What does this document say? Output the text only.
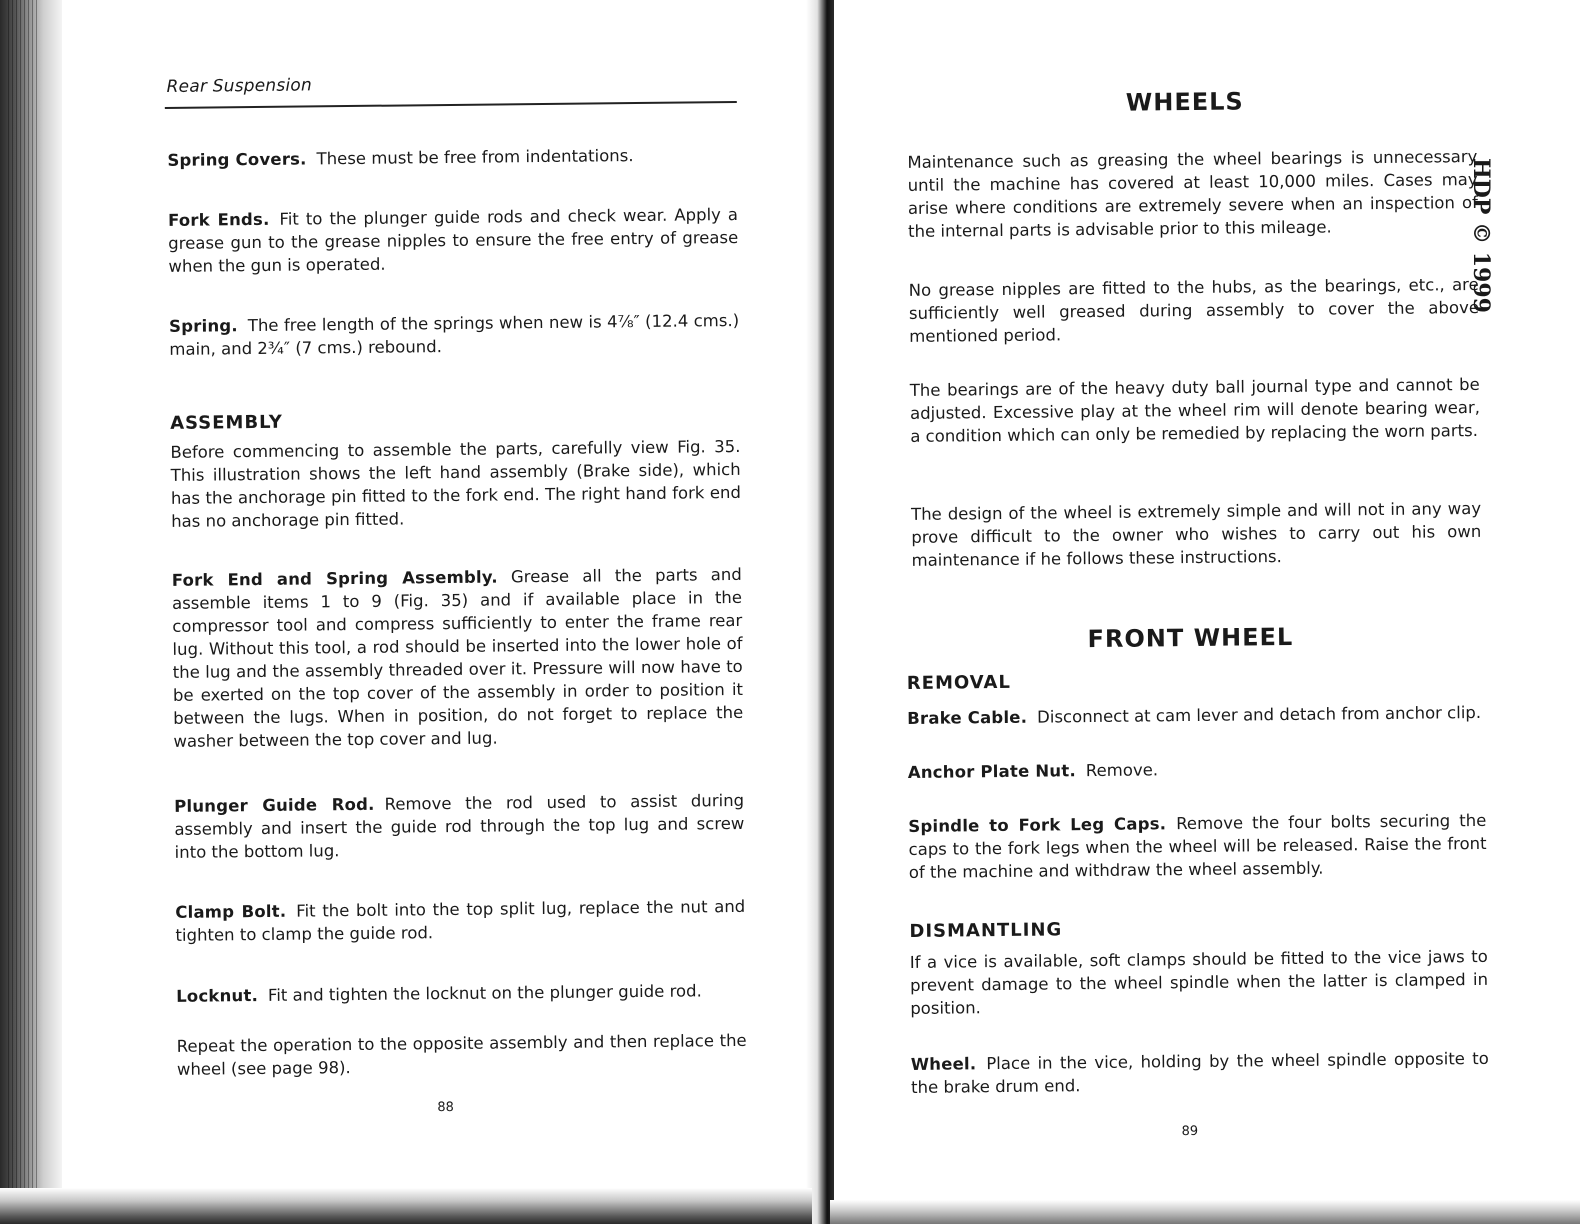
Rear Suspension
Spring Covers. These must be free from indentations.
Fork Ends. Fit to the plunger guide rods and check wear. Apply a grease gun to the grease nipples to ensure the free entry of grease when the gun is operated.
Spring. The free length of the springs when new is 4⅞″ (12.4 cms.) main, and 2¾″ (7 cms.) rebound.
ASSEMBLY
Before commencing to assemble the parts, carefully view Fig. 35. This illustration shows the left hand assembly (Brake side), which has the anchorage pin fitted to the fork end. The right hand fork end has no anchorage pin fitted.
Fork End and Spring Assembly. Grease all the parts and assemble items 1 to 9 (Fig. 35) and if available place in the compressor tool and compress sufficiently to enter the frame rear lug. Without this tool, a rod should be inserted into the lower hole of the lug and the assembly threaded over it. Pressure will now have to be exerted on the top cover of the assembly in order to position it between the lugs. When in position, do not forget to replace the washer between the top cover and lug.
Plunger Guide Rod. Remove the rod used to assist during assembly and insert the guide rod through the top lug and screw into the bottom lug.
Clamp Bolt. Fit the bolt into the top split lug, replace the nut and tighten to clamp the guide rod.
Locknut. Fit and tighten the locknut on the plunger guide rod.
Repeat the operation to the opposite assembly and then replace the wheel (see page 98).
88
WHEELS
Maintenance such as greasing the wheel bearings is unnecessary until the machine has covered at least 10,000 miles. Cases may arise where conditions are extremely severe when an inspection of the internal parts is advisable prior to this mileage.
No grease nipples are fitted to the hubs, as the bearings, etc., are sufficiently well greased during assembly to cover the above mentioned period.
The bearings are of the heavy duty ball journal type and cannot be adjusted. Excessive play at the wheel rim will denote bearing wear, a condition which can only be remedied by replacing the worn parts.
The design of the wheel is extremely simple and will not in any way prove difficult to the owner who wishes to carry out his own maintenance if he follows these instructions.
FRONT WHEEL
REMOVAL
Brake Cable. Disconnect at cam lever and detach from anchor clip.
Anchor Plate Nut. Remove.
Spindle to Fork Leg Caps. Remove the four bolts securing the caps to the fork legs when the wheel will be released. Raise the front of the machine and withdraw the wheel assembly.
DISMANTLING
If a vice is available, soft clamps should be fitted to the vice jaws to prevent damage to the wheel spindle when the latter is clamped in position.
Wheel. Place in the vice, holding by the wheel spindle opposite to the brake drum end.
89
HDP © 1999
